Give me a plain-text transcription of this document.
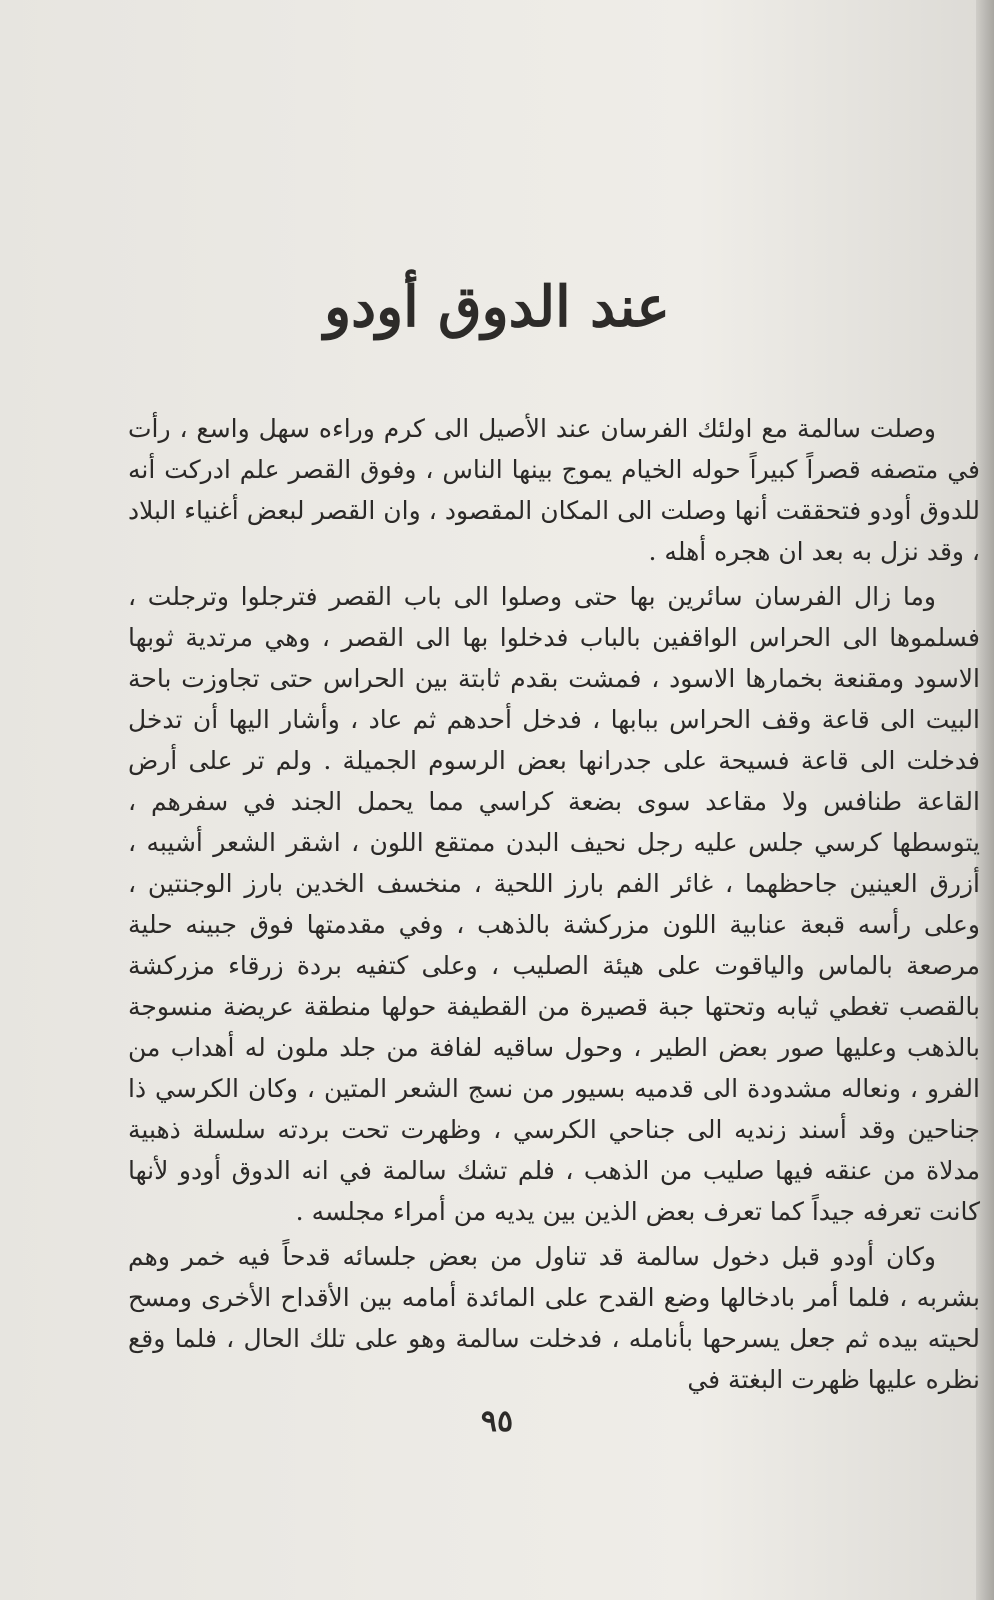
عند الدوق أودو

وصلت سالمة مع اولئك الفرسان عند الأصيل الى كرم وراءه سهل واسع ، رأت في متصفه قصراً كبيراً حوله الخيام يموج بينها الناس ، وفوق القصر علم ادركت أنه للدوق أودو فتحققت أنها وصلت الى المكان المقصود ، وان القصر لبعض أغنياء البلاد ، وقد نزل به بعد ان هجره أهله .

وما زال الفرسان سائرين بها حتى وصلوا الى باب القصر فترجلوا وترجلت ، فسلموها الى الحراس الواقفين بالباب فدخلوا بها الى القصر ، وهي مرتدية ثوبها الاسود ومقنعة بخمارها الاسود ، فمشت بقدم ثابتة بين الحراس حتى تجاوزت باحة البيت الى قاعة وقف الحراس ببابها ، فدخل أحدهم ثم عاد ، وأشار اليها أن تدخل فدخلت الى قاعة فسيحة على جدرانها بعض الرسوم الجميلة . ولم تر على أرض القاعة طنافس ولا مقاعد سوى بضعة كراسي مما يحمل الجند في سفرهم ، يتوسطها كرسي جلس عليه رجل نحيف البدن ممتقع اللون ، اشقر الشعر أشيبه ، أزرق العينين جاحظهما ، غائر الفم بارز اللحية ، منخسف الخدين بارز الوجنتين ، وعلى رأسه قبعة عنابية اللون مزركشة بالذهب ، وفي مقدمتها فوق جبينه حلية مرصعة بالماس والياقوت على هيئة الصليب ، وعلى كتفيه بردة زرقاء مزركشة بالقصب تغطي ثيابه وتحتها جبة قصيرة من القطيفة حولها منطقة عريضة منسوجة بالذهب وعليها صور بعض الطير ، وحول ساقيه لفافة من جلد ملون له أهداب من الفرو ، ونعاله مشدودة الى قدميه بسيور من نسج الشعر المتين ، وكان الكرسي ذا جناحين وقد أسند زنديه الى جناحي الكرسي ، وظهرت تحت بردته سلسلة ذهبية مدلاة من عنقه فيها صليب من الذهب ، فلم تشك سالمة في انه الدوق أودو لأنها كانت تعرفه جيداً كما تعرف بعض الذين بين يديه من أمراء مجلسه .

وكان أودو قبل دخول سالمة قد تناول من بعض جلسائه قدحاً فيه خمر وهم بشربه ، فلما أمر بادخالها وضع القدح على المائدة أمامه بين الأقداح الأخرى ومسح لحيته بيده ثم جعل يسرحها بأنامله ، فدخلت سالمة وهو على تلك الحال ، فلما وقع نظره عليها ظهرت البغتة في

٩٥
